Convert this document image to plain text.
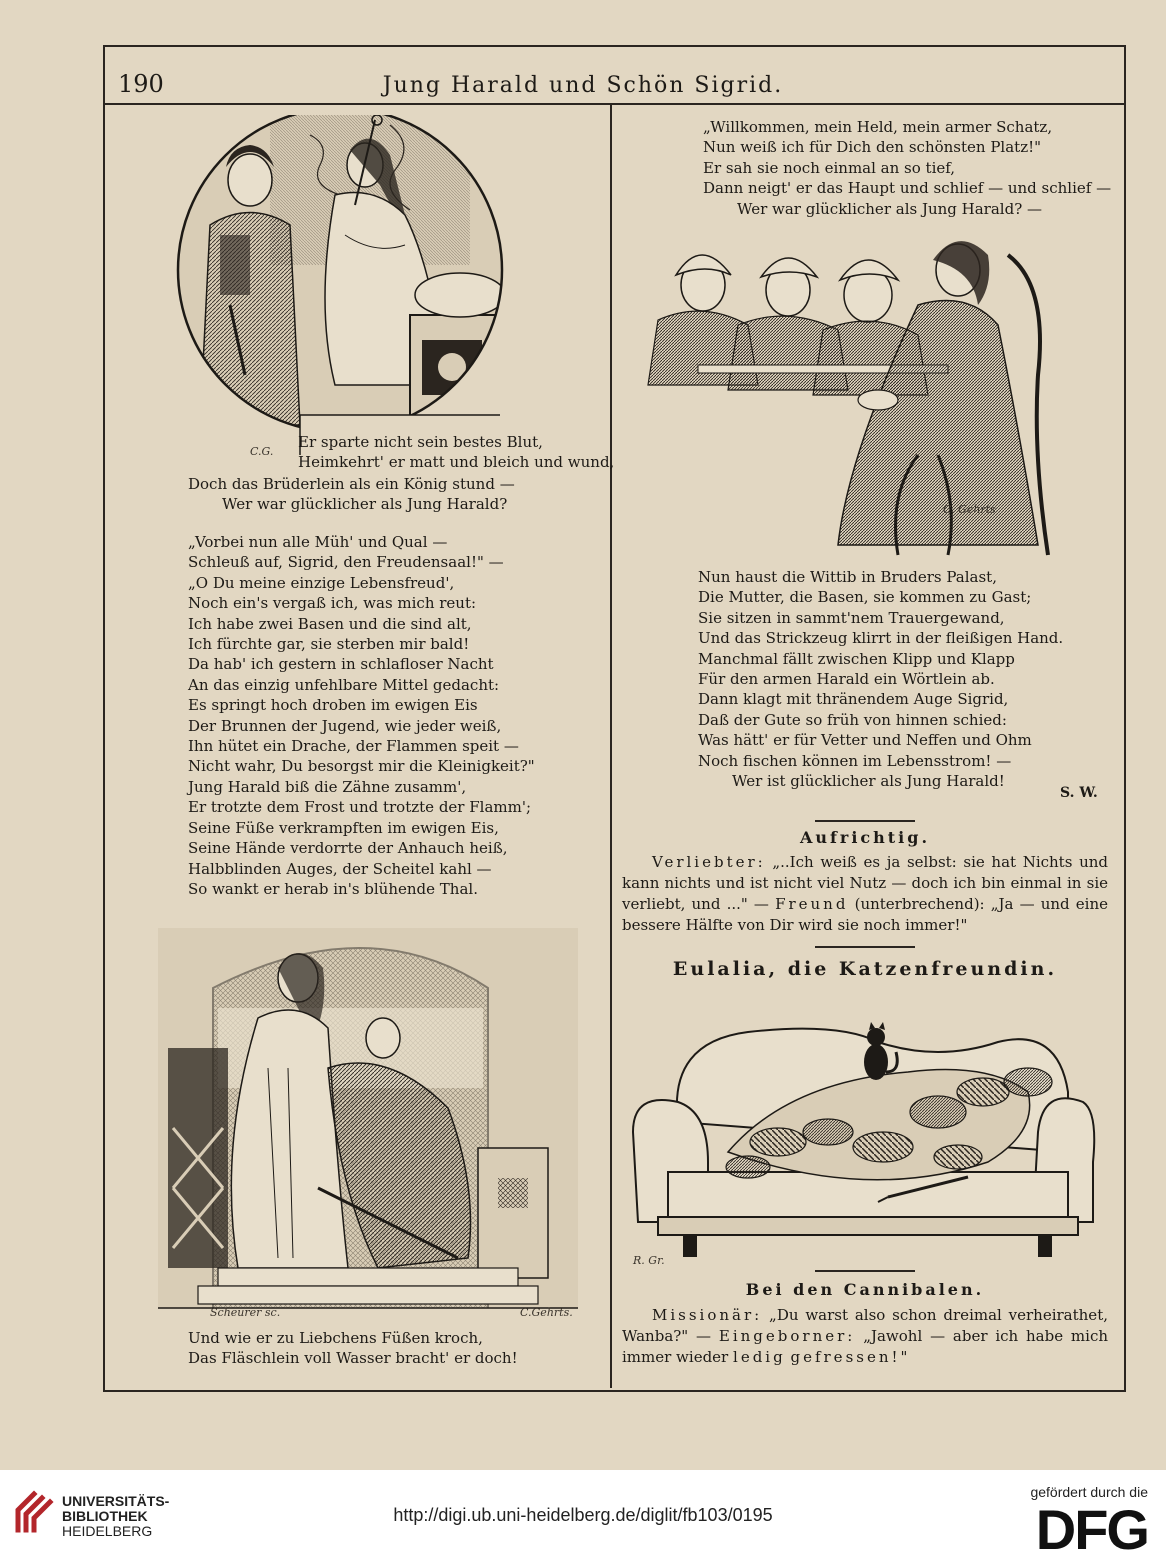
190	Jung Harald und Schön Sigrid.
C.G.
Er sparte nicht sein bestes Blut,
Heimkehrt' er matt und bleich und wund,
Doch das Brüderlein als ein König stund —
Wer war glücklicher als Jung Harald?
„Vorbei nun alle Müh' und Qual —
Schleuß auf, Sigrid, den Freudensaal!" —
„O Du meine einzige Lebensfreud',
Noch ein's vergaß ich, was mich reut:
Ich habe zwei Basen und die sind alt,
Ich fürchte gar, sie sterben mir bald!
Da hab' ich gestern in schlafloser Nacht
An das einzig unfehlbare Mittel gedacht:
Es springt hoch droben im ewigen Eis
Der Brunnen der Jugend, wie jeder weiß,
Ihn hütet ein Drache, der Flammen speit —
Nicht wahr, Du besorgst mir die Kleinigkeit?"
Jung Harald biß die Zähne zusamm',
Er trotzte dem Frost und trotzte der Flamm';
Seine Füße verkrampften im ewigen Eis,
Seine Hände verdorrte der Anhauch heiß,
Halbblinden Auges, der Scheitel kahl —
So wankt er herab in's blühende Thal.
Scheurer sc.	C.Gehrts.
Und wie er zu Liebchens Füßen kroch,
Das Fläschlein voll Wasser bracht' er doch!
„Willkommen, mein Held, mein armer Schatz,
Nun weiß ich für Dich den schönsten Platz!"
Er sah sie noch einmal an so tief,
Dann neigt' er das Haupt und schlief — und schlief —
Wer war glücklicher als Jung Harald? —
C. Gehrts
Nun haust die Wittib in Bruders Palast,
Die Mutter, die Basen, sie kommen zu Gast;
Sie sitzen in sammt'nem Trauergewand,
Und das Strickzeug klirrt in der fleißigen Hand.
Manchmal fällt zwischen Klipp und Klapp
Für den armen Harald ein Wörtlein ab.
Dann klagt mit thränendem Auge Sigrid,
Daß der Gute so früh von hinnen schied:
Was hätt' er für Vetter und Neffen und Ohm
Noch fischen können im Lebensstrom! —
Wer ist glücklicher als Jung Harald!
S. W.
Aufrichtig.
Verliebter: „..Ich weiß es ja selbst: sie hat Nichts und kann nichts und ist nicht viel Nutz — doch ich bin einmal in sie verliebt, und ..." — Freund (unterbrechend): „Ja — und eine bessere Hälfte von Dir wird sie noch immer!"
Eulalia, die Katzenfreundin.
R. Gr.
Bei den Cannibalen.
Missionär: „Du warst also schon dreimal verheirathet, Wanba?" — Eingeborner: „Jawohl — aber ich habe mich immer wieder ledig gefressen!"
UNIVERSITÄTS-
BIBLIOTHEK
HEIDELBERG
http://digi.ub.uni-heidelberg.de/diglit/fb103/0195
gefördert durch die
DFG
